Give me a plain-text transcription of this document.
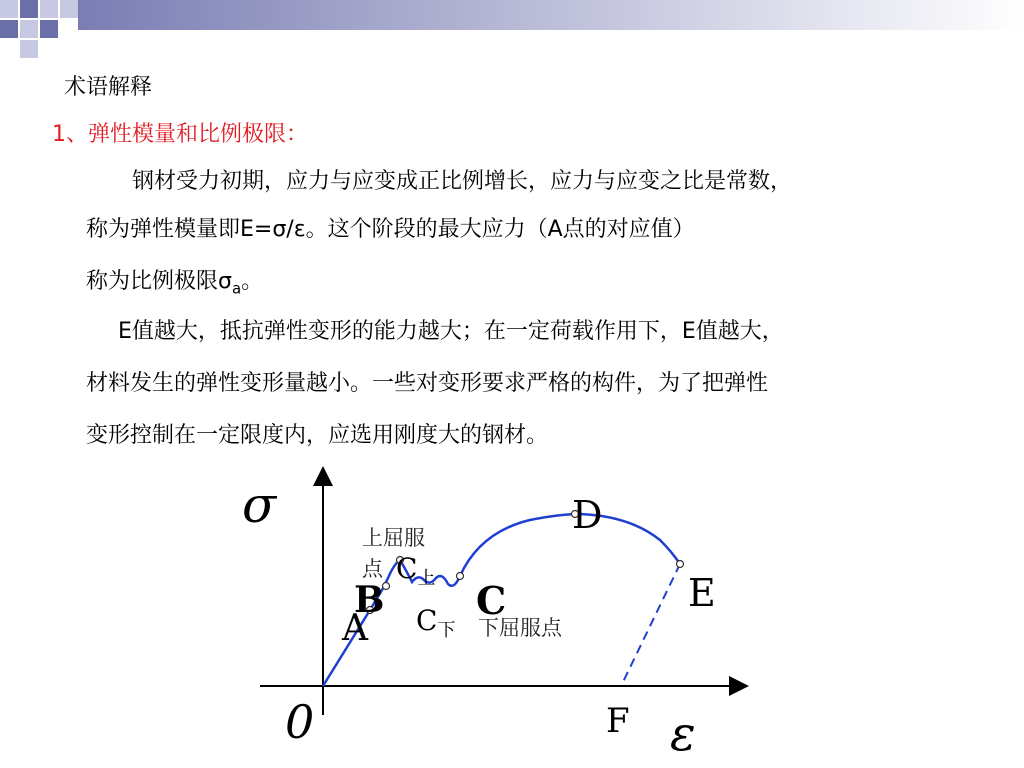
术语解释
1、弹性模量和比例极限：
钢材受力初期，应力与应变成正比例增长，应力与应变之比是常数，
称为弹性模量即E=σ/ε。这个阶段的最大应力（A点的对应值）
称为比例极限$\sigma_a$。
E值越大，抵抗弹性变形的能力越大；在一定荷载作用下，E值越大，
材料发生的弹性变形量越小。一些对变形要求严格的构件，为了把弹性
变形控制在一定限度内，应选用刚度大的钢材。
σ
ε
0
A
B C
D
E
F
$C_上$
$C_下$
上屈服
点
下屈服点
